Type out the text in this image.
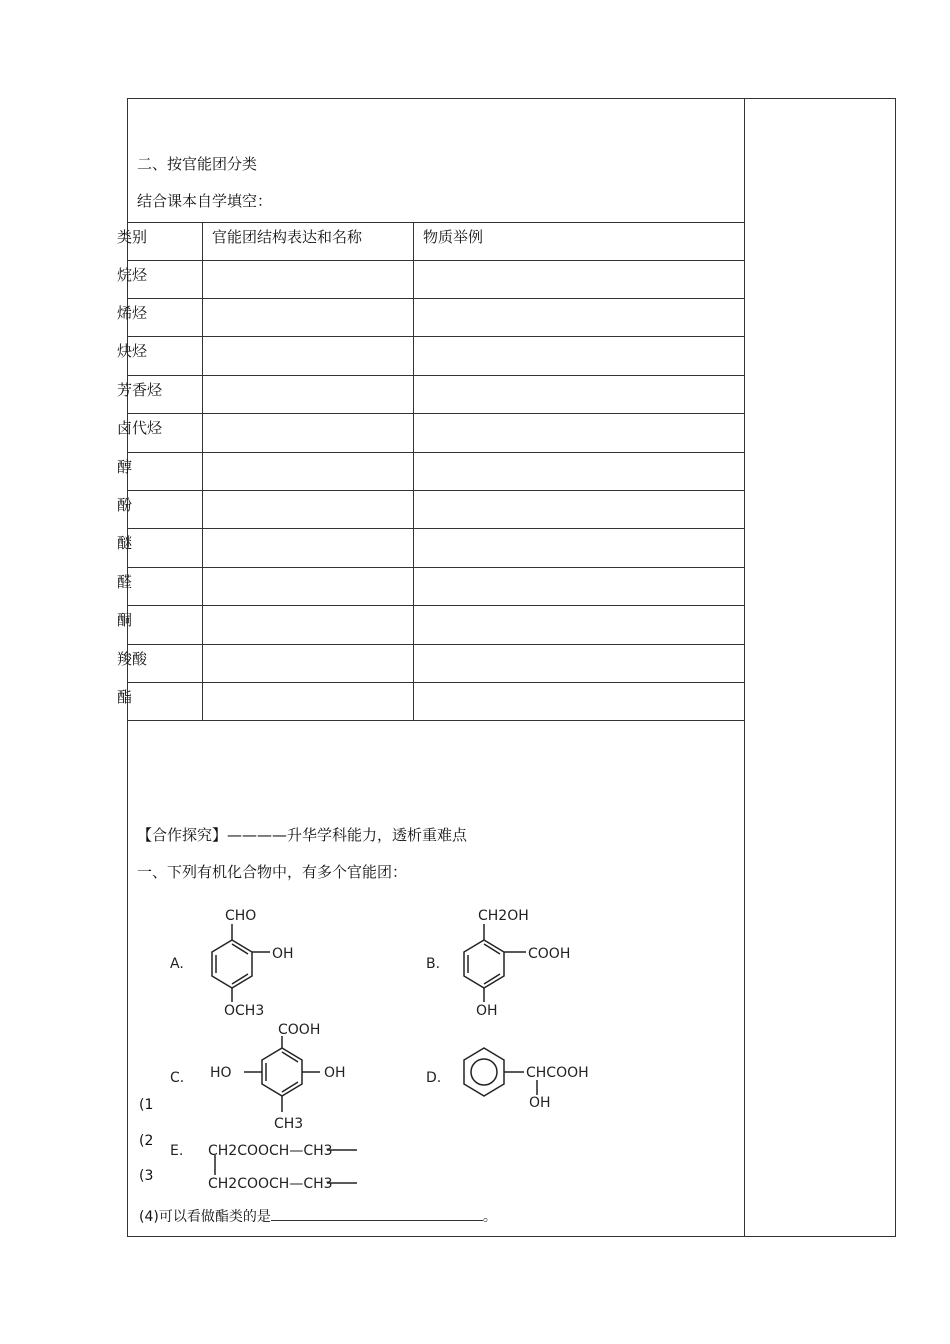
二、按官能团分类
结合课本自学填空：
类别	官能团结构表达和名称	物质举例
烷烃
烯烃
炔烃
芳香烃
卤代烃
醇
酚
醚
醛
酮
羧酸
酯
【合作探究】————升华学科能力，透析重难点
一、下列有机化合物中，有多个官能团：
(1
(2
(3
(4)可以看做酯类的是	。
A.
CHO
OH
OCH3
B.
CH2OH
COOH
OH
C.
COOH
HO	OH
CH3
D.	CHCOOH
OH
E. CH2COOCH—CH3
CH2COOCH—CH3
